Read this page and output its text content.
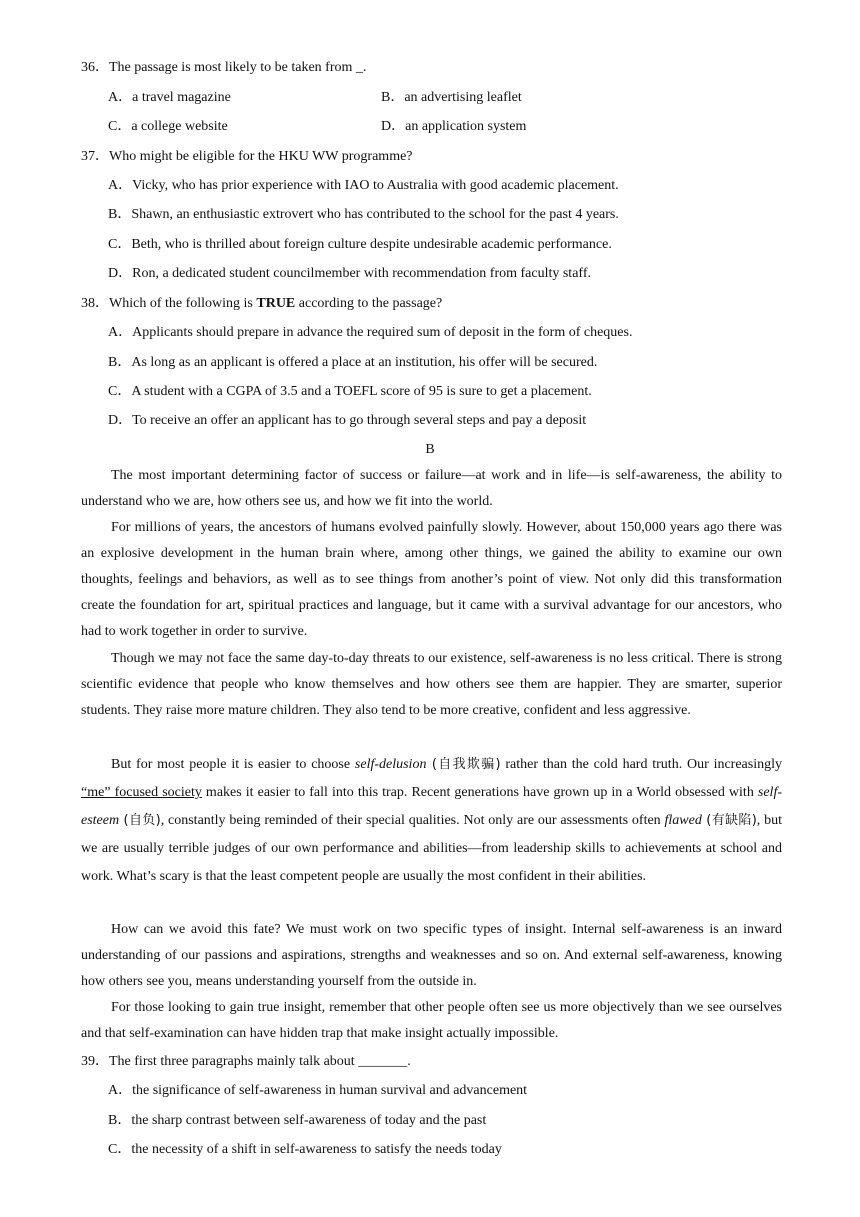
36．The passage is most likely to be taken from _.
A．a travel magazine	B．an advertising leaflet
C．a college website	D．an application system
37．Who might be eligible for the HKU WW programme?
A．Vicky, who has prior experience with IAO to Australia with good academic placement.
B．Shawn, an enthusiastic extrovert who has contributed to the school for the past 4 years.
C．Beth, who is thrilled about foreign culture despite undesirable academic performance.
D．Ron, a dedicated student councilmember with recommendation from faculty staff.
38．Which of the following is TRUE according to the passage?
A．Applicants should prepare in advance the required sum of deposit in the form of cheques.
B．As long as an applicant is offered a place at an institution, his offer will be secured.
C．A student with a CGPA of 3.5 and a TOEFL score of 95 is sure to get a placement.
D．To receive an offer an applicant has to go through several steps and pay a deposit
B

The most important determining factor of success or failure—at work and in life—is self-awareness, the ability to understand who we are, how others see us, and how we fit into the world.

For millions of years, the ancestors of humans evolved painfully slowly. However, about 150,000 years ago there was an explosive development in the human brain where, among other things, we gained the ability to examine our own thoughts, feelings and behaviors, as well as to see things from another’s point of view. Not only did this transformation create the foundation for art, spiritual practices and language, but it came with a survival advantage for our ancestors, who had to work together in order to survive.

Though we may not face the same day-to-day threats to our existence, self-awareness is no less critical. There is strong scientific evidence that people who know themselves and how others see them are happier. They are smarter, superior students. They raise more mature children. They also tend to be more creative, confident and less aggressive.

But for most people it is easier to choose self-delusion (自我欺骗) rather than the cold hard truth. Our increasingly “me” focused society makes it easier to fall into this trap. Recent generations have grown up in a World obsessed with self-esteem (自负), constantly being reminded of their special qualities. Not only are our assessments often flawed (有缺陷), but we are usually terrible judges of our own performance and abilities—from leadership skills to achievements at school and work. What’s scary is that the least competent people are usually the most confident in their abilities.

How can we avoid this fate? We must work on two specific types of insight. Internal self-awareness is an inward understanding of our passions and aspirations, strengths and weaknesses and so on. And external self-awareness, knowing how others see you, means understanding yourself from the outside in.

For those looking to gain true insight, remember that other people often see us more objectively than we see ourselves and that self-examination can have hidden trap that make insight actually impossible.

39．The first three paragraphs mainly talk about _______.
A．the significance of self-awareness in human survival and advancement
B．the sharp contrast between self-awareness of today and the past
C．the necessity of a shift in self-awareness to satisfy the needs today
